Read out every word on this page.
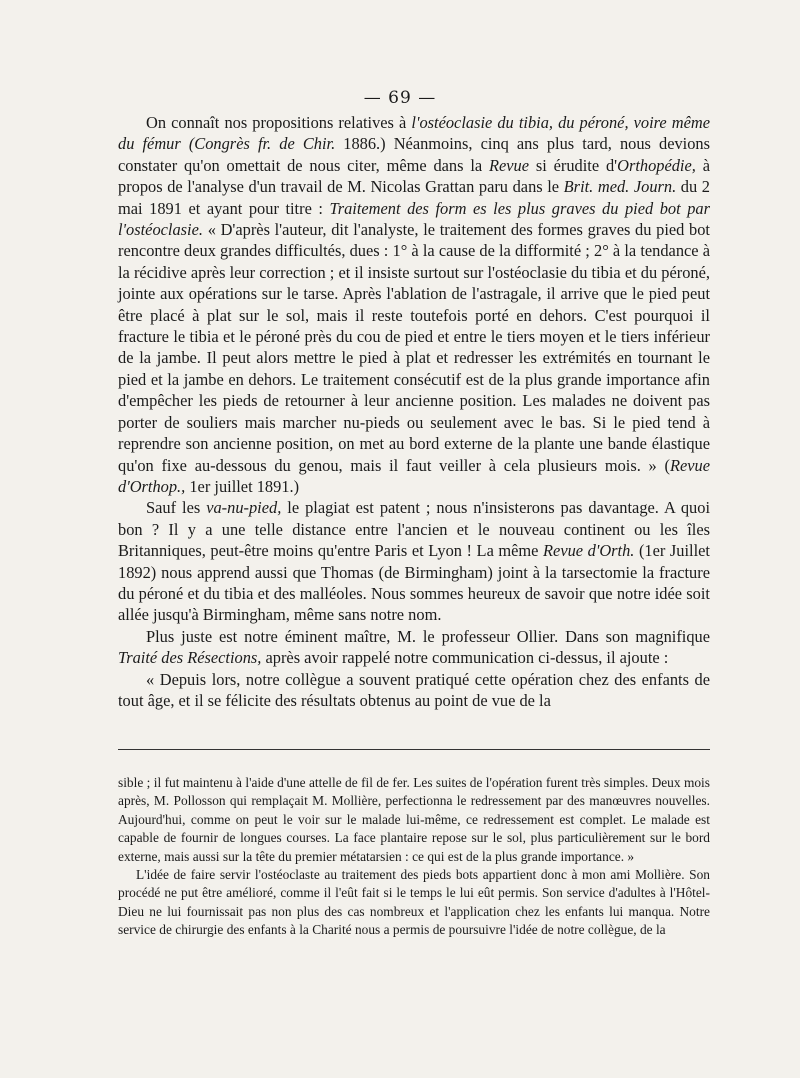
— 69 —

On connaît nos propositions relatives à l'ostéoclasie du tibia, du péroné, voire même du fémur (Congrès fr. de Chir. 1886.) Néanmoins, cinq ans plus tard, nous devions constater qu'on omettait de nous citer, même dans la Revue si érudite d'Orthopédie, à propos de l'analyse d'un travail de M. Nicolas Grattan paru dans le Brit. med. Journ. du 2 mai 1891 et ayant pour titre : Traitement des form es les plus graves du pied bot par l'ostéoclasie. « D'après l'auteur, dit l'analyste, le traitement des formes graves du pied bot rencontre deux grandes difficultés, dues : 1° à la cause de la difformité ; 2° à la tendance à la récidive après leur correction ; et il insiste surtout sur l'ostéoclasie du tibia et du péroné, jointe aux opérations sur le tarse. Après l'ablation de l'astragale, il arrive que le pied peut être placé à plat sur le sol, mais il reste toutefois porté en dehors. C'est pourquoi il fracture le tibia et le péroné près du cou de pied et entre le tiers moyen et le tiers inférieur de la jambe. Il peut alors mettre le pied à plat et redresser les extrémités en tournant le pied et la jambe en dehors. Le traitement consécutif est de la plus grande importance afin d'empêcher les pieds de retourner à leur ancienne position. Les malades ne doivent pas porter de souliers mais marcher nu-pieds ou seulement avec le bas. Si le pied tend à reprendre son ancienne position, on met au bord externe de la plante une bande élastique qu'on fixe au-dessous du genou, mais il faut veiller à cela plusieurs mois. » (Revue d'Orthop., 1er juillet 1891.)

Sauf les va-nu-pied, le plagiat est patent ; nous n'insisterons pas davantage. A quoi bon ? Il y a une telle distance entre l'ancien et le nouveau continent ou les îles Britanniques, peut-être moins qu'entre Paris et Lyon ! La même Revue d'Orth. (1er Juillet 1892) nous apprend aussi que Thomas (de Birmingham) joint à la tarsectomie la fracture du péroné et du tibia et des malléoles. Nous sommes heureux de savoir que notre idée soit allée jusqu'à Birmingham, même sans notre nom.

Plus juste est notre éminent maître, M. le professeur Ollier. Dans son magnifique Traité des Résections, après avoir rappelé notre communication ci-dessus, il ajoute :

« Depuis lors, notre collègue a souvent pratiqué cette opération chez des enfants de tout âge, et il se félicite des résultats obtenus au point de vue de la

sible ; il fut maintenu à l'aide d'une attelle de fil de fer. Les suites de l'opération furent très simples. Deux mois après, M. Pollosson qui remplaçait M. Mollière, perfectionna le redressement par des manœuvres nouvelles. Aujourd'hui, comme on peut le voir sur le malade lui-même, ce redressement est complet. Le malade est capable de fournir de longues courses. La face plantaire repose sur le sol, plus particulièrement sur le bord externe, mais aussi sur la tête du premier métatarsien : ce qui est de la plus grande importance. »

L'idée de faire servir l'ostéoclaste au traitement des pieds bots appartient donc à mon ami Mollière. Son procédé ne put être amélioré, comme il l'eût fait si le temps le lui eût permis. Son service d'adultes à l'Hôtel-Dieu ne lui fournissait pas non plus des cas nombreux et l'application chez les enfants lui manqua. Notre service de chirurgie des enfants à la Charité nous a permis de poursuivre l'idée de notre collègue, de la
